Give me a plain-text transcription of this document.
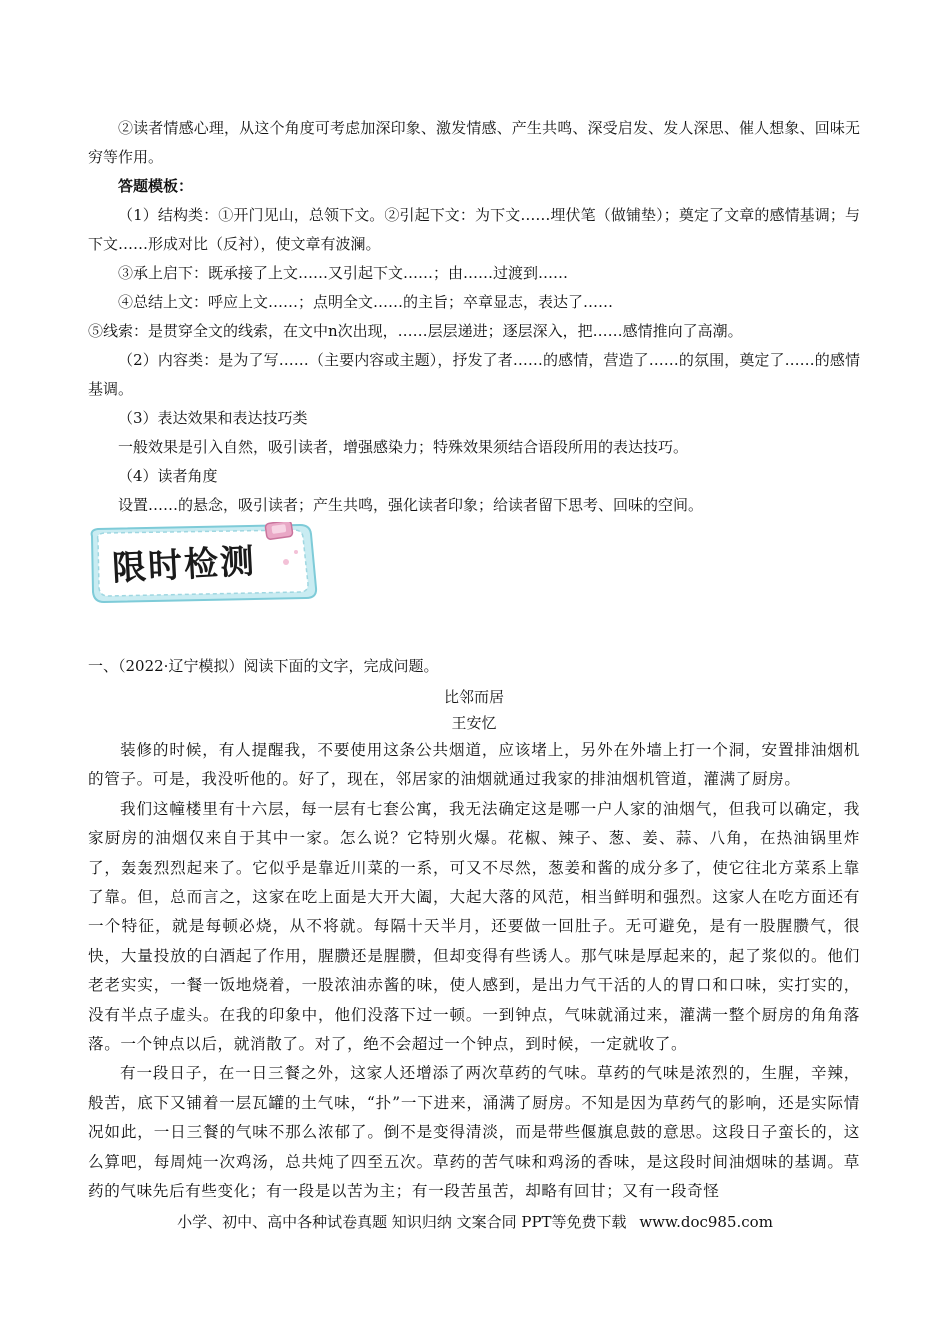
②读者情感心理，从这个角度可考虑加深印象、激发情感、产生共鸣、深受启发、发人深思、催人想象、回味无穷等作用。

答题模板：

（1）结构类：①开门见山，总领下文。②引起下文：为下文……埋伏笔（做铺垫）；奠定了文章的感情基调；与下文……形成对比（反衬），使文章有波澜。

③承上启下：既承接了上文……又引起下文……；由……过渡到……

④总结上文：呼应上文……；点明全文……的主旨；卒章显志，表达了……

⑤线索：是贯穿全文的线索，在文中n次出现，……层层递进；逐层深入，把……感情推向了高潮。

（2）内容类：是为了写……（主要内容或主题），抒发了者……的感情，营造了……的氛围，奠定了……的感情基调。

（3）表达效果和表达技巧类

一般效果是引入自然，吸引读者，增强感染力；特殊效果须结合语段所用的表达技巧。

（4）读者角度

设置……的悬念，吸引读者；产生共鸣，强化读者印象；给读者留下思考、回味的空间。

限时检测
一、（2022·辽宁模拟）阅读下面的文字，完成问题。
比邻而居
王安忆

装修的时候，有人提醒我，不要使用这条公共烟道，应该堵上，另外在外墙上打一个洞，安置排油烟机的管子。可是，我没听他的。好了，现在，邻居家的油烟就通过我家的排油烟机管道，灌满了厨房。

我们这幢楼里有十六层，每一层有七套公寓，我无法确定这是哪一户人家的油烟气，但我可以确定，我家厨房的油烟仅来自于其中一家。怎么说？它特别火爆。花椒、辣子、葱、姜、蒜、八角，在热油锅里炸了，轰轰烈烈起来了。它似乎是靠近川菜的一系，可又不尽然，葱姜和酱的成分多了，使它往北方菜系上靠了靠。但，总而言之，这家在吃上面是大开大阖，大起大落的风范，相当鲜明和强烈。这家人在吃方面还有一个特征，就是每顿必烧，从不将就。每隔十天半月，还要做一回肚子。无可避免，是有一股腥臜气，很快，大量投放的白酒起了作用，腥臜还是腥臜，但却变得有些诱人。那气味是厚起来的，起了浆似的。他们老老实实，一餐一饭地烧着，一股浓油赤酱的味，使人感到，是出力气干活的人的胃口和口味，实打实的，没有半点子虚头。在我的印象中，他们没落下过一顿。一到钟点，气味就涌过来，灌满一整个厨房的角角落落。一个钟点以后，就消散了。对了，绝不会超过一个钟点，到时候，一定就收了。

有一段日子，在一日三餐之外，这家人还增添了两次草药的气味。草药的气味是浓烈的，生腥，辛辣，般苦，底下又铺着一层瓦罐的土气味，“扑”一下进来，涌满了厨房。不知是因为草药气的影响，还是实际情况如此，一日三餐的气味不那么浓郁了。倒不是变得清淡，而是带些偃旗息鼓的意思。这段日子蛮长的，这么算吧，每周炖一次鸡汤，总共炖了四至五次。草药的苦气味和鸡汤的香味，是这段时间油烟味的基调。草药的气味先后有些变化；有一段是以苦为主；有一段苦虽苦，却略有回甘；又有一段奇怪

小学、初中、高中各种试卷真题 知识归纳 文案合同 PPT等免费下载 www.doc985.com
